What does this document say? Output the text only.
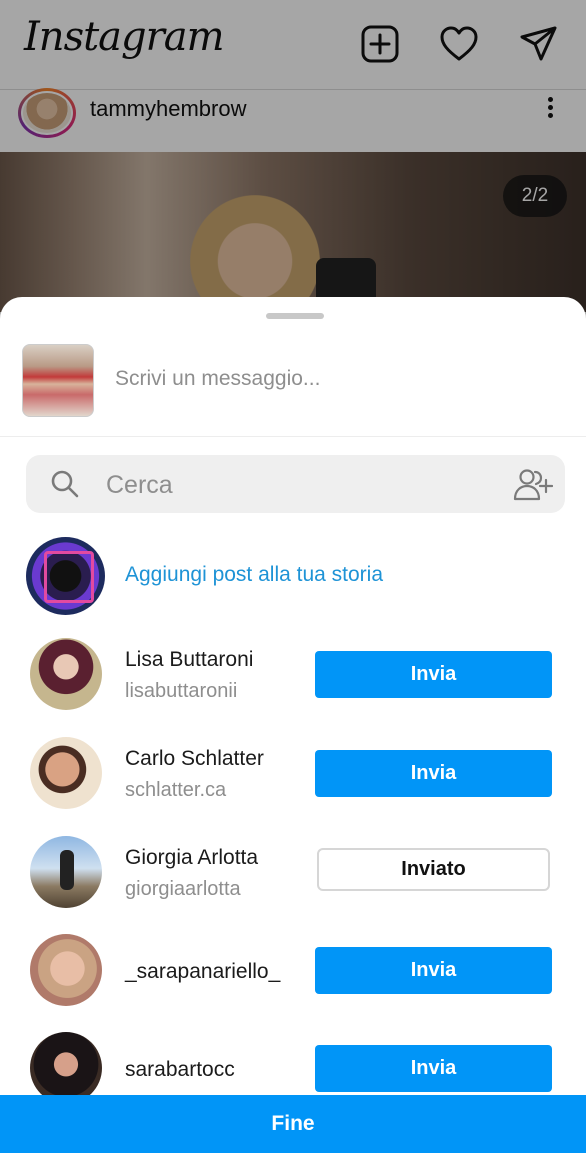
Instagram
tammyhembrow
2/2
Scrivi un messaggio...
Cerca
Aggiungi post alla tua storia
Lisa Buttaroni
lisabuttaronii
Invia
Carlo Schlatter
schlatter.ca
Invia
Giorgia Arlotta
giorgiaarlotta
Inviato
_sarapanariello_	Invia
sarabartocc	Invia
Fine
